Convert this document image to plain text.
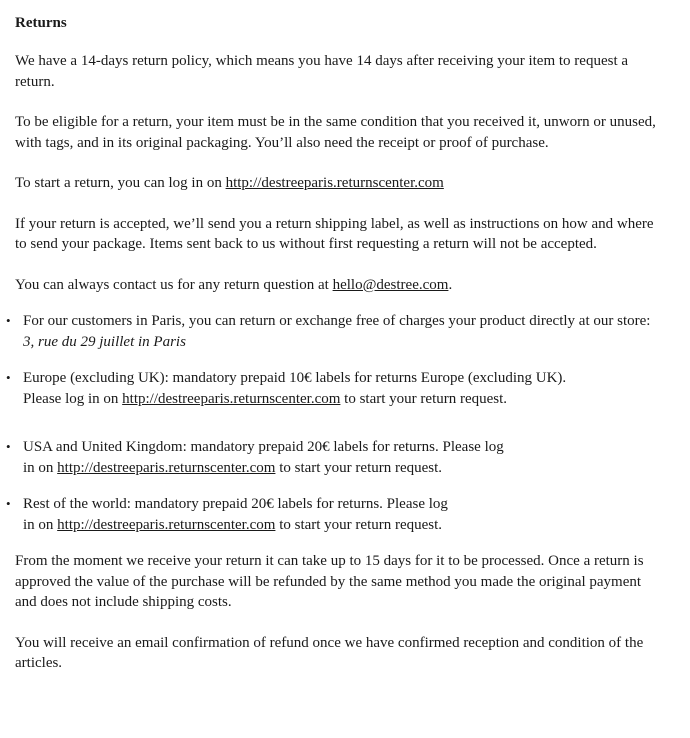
Returns

We have a 14-days return policy, which means you have 14 days after receiving your item to request a return.

To be eligible for a return, your item must be in the same condition that you received it, unworn or unused, with tags, and in its original packaging. You’ll also need the receipt or proof of purchase.

To start a return, you can log in on http://destreeparis.returnscenter.com

If your return is accepted, we’ll send you a return shipping label, as well as instructions on how and where to send your package. Items sent back to us without first requesting a return will not be accepted.

You can always contact us for any return question at hello@destree.com.

• For our customers in Paris, you can return or exchange free of charges your product directly at our store: 3, rue du 29 juillet in Paris
• Europe (excluding UK): mandatory prepaid 10€ labels for returns Europe (excluding UK).
Please log in on http://destreeparis.returnscenter.com to start your return request.
• USA and United Kingdom: mandatory prepaid 20€ labels for returns. Please log
in on http://destreeparis.returnscenter.com to start your return request.
• Rest of the world: mandatory prepaid 20€ labels for returns. Please log
in on http://destreeparis.returnscenter.com to start your return request.

From the moment we receive your return it can take up to 15 days for it to be processed. Once a return is approved the value of the purchase will be refunded by the same method you made the original payment and does not include shipping costs.

You will receive an email confirmation of refund once we have confirmed reception and condition of the articles.
